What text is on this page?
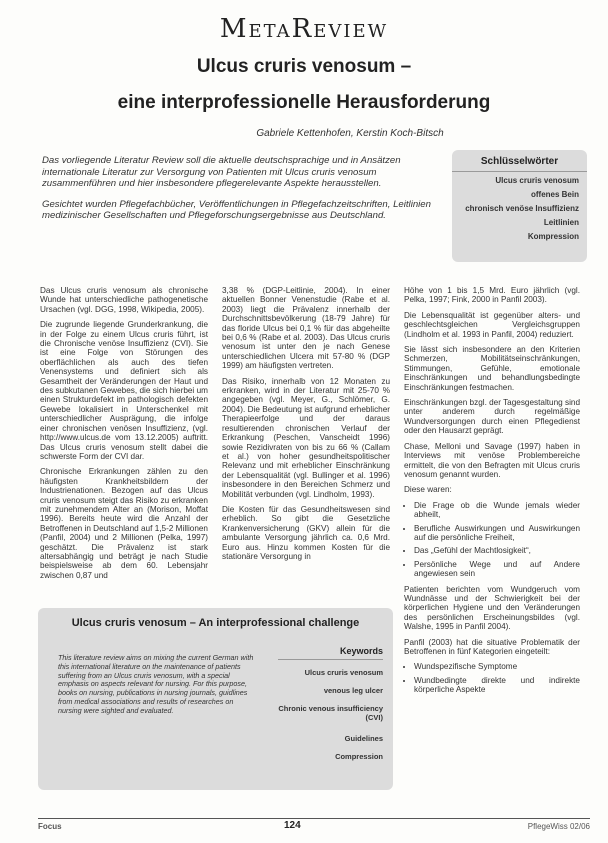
MetaReview
Ulcus cruris venosum –
eine interprofessionelle Herausforderung
Gabriele Kettenhofen, Kerstin Koch-Bitsch

Das vorliegende Literatur Review soll die aktuelle deutschsprachige und in Ansätzen internationale Literatur zur Versorgung von Patienten mit Ulcus cruris venosum zusammenführen und hier insbesondere pflegerelevante Aspekte herausstellen.

Gesichtet wurden Pflegefachbücher, Veröffentlichungen in Pflegefachzeitschriften, Leitlinien medizinischer Gesellschaften und Pflegeforschungsergebnisse aus Deutschland.

Schlüsselwörter
Ulcus cruris venosum
offenes Bein
chronisch venöse Insuffizienz
Leitlinien
Kompression

Das Ulcus cruris venosum als chronische Wunde hat unterschiedliche pathogenetische Ursachen (vgl. DGG, 1998, Wikipedia, 2005).

Die zugrunde liegende Grunderkrankung, die in der Folge zu einem Ulcus cruris führt, ist die Chronische venöse Insuffizienz (CVI). Sie ist eine Folge von Störungen des oberflächlichen als auch des tiefen Venensystems und definiert sich als Gesamtheit der Veränderungen der Haut und des subkutanen Gewebes, die sich hierbei um einen Strukturdefekt im pathologisch defekten Gewebe lokalisiert in Unterschenkel mit unterschiedlicher Ausprägung, die infolge einer chronischen venösen Insuffizienz, (vgl. http://www.ulcus.de vom 13.12.2005) auftritt. Das Ulcus cruris venosum stellt dabei die schwerste Form der CVI dar.

Chronische Erkrankungen zählen zu den häufigsten Krankheitsbildern der Industrienationen. Bezogen auf das Ulcus cruris venosum steigt das Risiko zu erkranken mit zunehmendem Alter an (Morison, Moffat 1996). Bereits heute wird die Anzahl der Betroffenen in Deutschland auf 1,5-2 Millionen (Panfil, 2004) und 2 Millionen (Pelka, 1997) geschätzt. Die Prävalenz ist stark altersabhängig und beträgt je nach Studie beispielsweise ab dem 60. Lebensjahr zwischen 0,87 und

3,38 % (DGP-Leitlinie, 2004). In einer aktuellen Bonner Venenstudie (Rabe et al. 2003) liegt die Prävalenz innerhalb der Durchschnittsbevölkerung (18-79 Jahre) für das floride Ulcus bei 0,1 % für das abgeheilte bei 0,6 % (Rabe et al. 2003). Das Ulcus cruris venosum ist unter den je nach Genese unterschiedlichen Ulcera mit 57-80 % (DGP 1999) am häufigsten vertreten.

Das Risiko, innerhalb von 12 Monaten zu erkranken, wird in der Literatur mit 25-70 % angegeben (vgl. Meyer, G., Schlömer, G. 2004). Die Bedeutung ist aufgrund erheblicher Therapieerfolge und der daraus resultierenden chronischen Verlauf der Erkrankung (Peschen, Vanscheidt 1996) sowie Rezidivraten von bis zu 66 % (Callam et al.) von hoher gesundheitspolitischer Relevanz und mit erheblicher Einschränkung der Lebensqualität (vgl. Bullinger et al. 1996) insbesondere in den Bereichen Schmerz und Mobilität verbunden (vgl. Lindholm, 1993).

Die Kosten für das Gesundheitswesen sind erheblich. So gibt die Gesetzliche Krankenversicherung (GKV) allein für die ambulante Versorgung jährlich ca. 0,6 Mrd. Euro aus. Hinzu kommen Kosten für die stationäre Versorgung in

Höhe von 1 bis 1,5 Mrd. Euro jährlich (vgl. Pelka, 1997; Fink, 2000 in Panfil 2003).

Die Lebensqualität ist gegenüber alters- und geschlechtsgleichen Vergleichsgruppen (Lindholm et al. 1993 in Panfil, 2004) reduziert.

Sie lässt sich insbesondere an den Kriterien Schmerzen, Mobilitätseinschränkungen, Stimmungen, Gefühle, emotionale Einschränkungen und behandlungsbedingte Einschränkungen festmachen.

Einschränkungen bzgl. der Tagesgestaltung sind unter anderem durch regelmäßige Wundversorgungen durch einen Pflegedienst oder den Hausarzt geprägt.

Chase, Melloni und Savage (1997) haben in Interviews mit venöse Problembereiche ermittelt, die von den Befragten mit Ulcus cruris venosum genannt wurden.

Diese waren:

• Die Frage ob die Wunde jemals wieder abheilt,
• Berufliche Auswirkungen und Auswirkungen auf die persönliche Freiheit,
• Das „Gefühl der Machtlosigkeit“,
• Persönliche Wege und auf Andere angewiesen sein

Patienten berichten vom Wundgeruch vom Wundnässe und der Schwierigkeit bei der körperlichen Hygiene und den Veränderungen des persönlichen Erscheinungsbildes (vgl. Walshe, 1995 in Panfil 2004).

Panfil (2003) hat die situative Problematik der Betroffenen in fünf Kategorien eingeteilt:

• Wundspezifische Symptome
• Wundbedingte direkte und indirekte körperliche Aspekte
Ulcus cruris venosum – An interprofessional challenge
This literature review aims on mixing the current German with this international literature on the maintenance of patients suffering from an Ulcus cruris venosum, with a special emphasis on aspects relevant for nursing. For this purpose, books on nursing, publications in nursing journals, guidlines from medical associations and results of researches on nursing were sighted and evaluated.
Keywords
Ulcus cruris venosum
venous leg ulcer
Chronic venous insufficiency (CVI)
Guidelines
Compression
Focus	124	PflegeWiss 02/06
